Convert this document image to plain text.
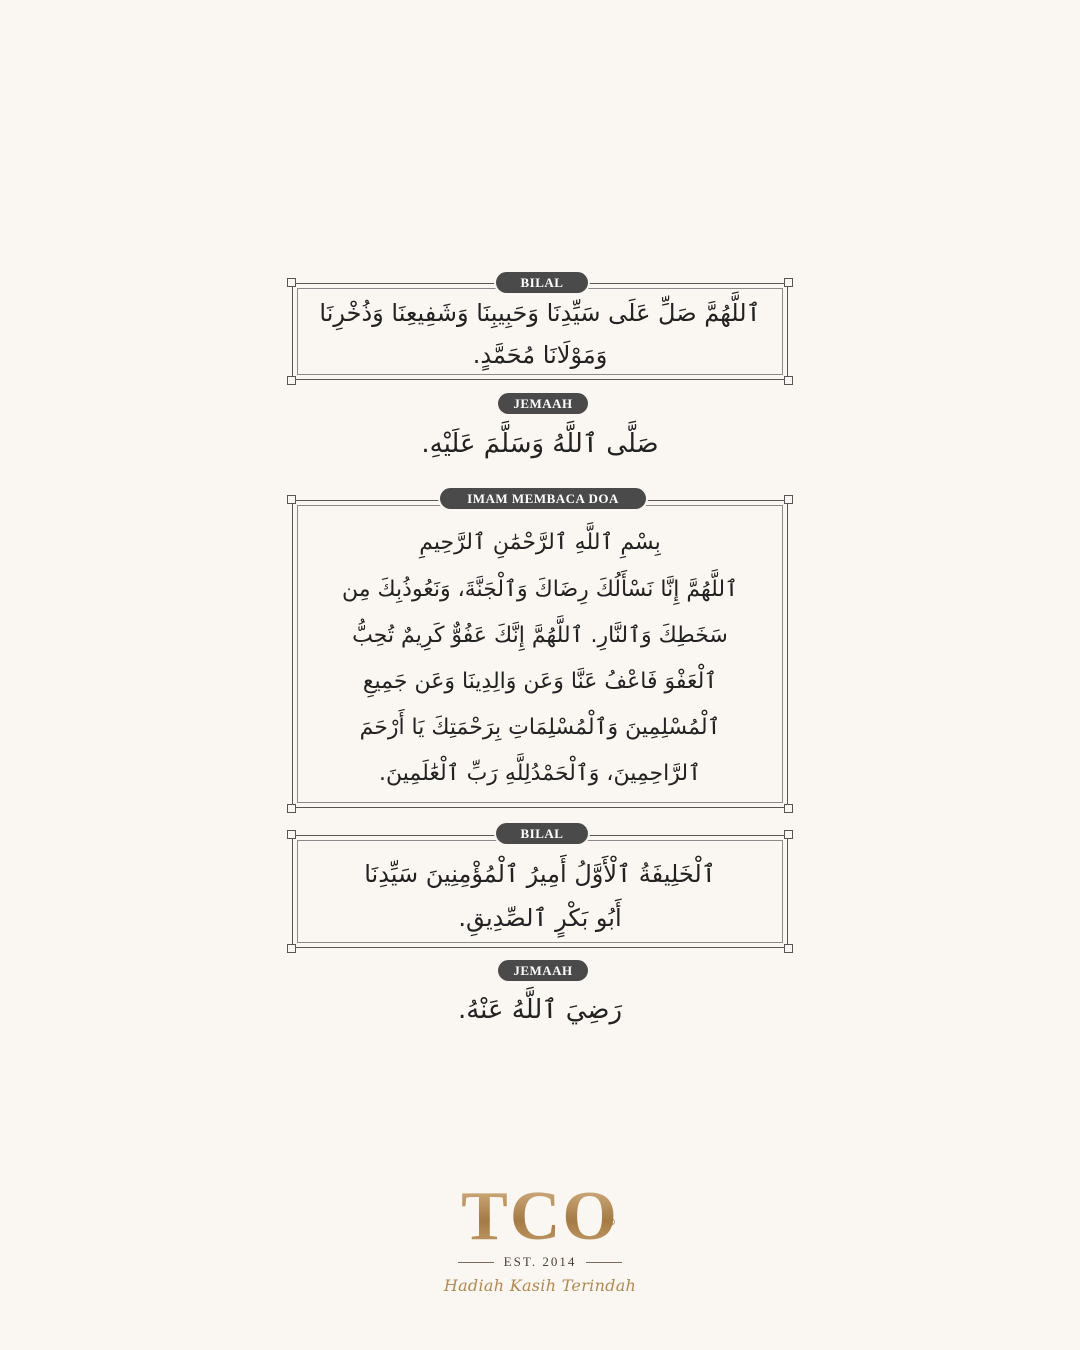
ٱللَّهُمَّ صَلِّ عَلَى سَيِّدِنَا وَحَبِيبِنَا وَشَفِيعِنَا وَذُخْرِنَا
وَمَوْلَانَا مُحَمَّدٍ.
BILAL
JEMAAH
صَلَّى ٱللَّهُ وَسَلَّمَ عَلَيْهِ.
بِسْمِ ٱللَّهِ ٱلرَّحْمَٰنِ ٱلرَّحِيمِ
ٱللَّهُمَّ إِنَّا نَسْأَلُكَ رِضَاكَ وَٱلْجَنَّةَ، وَنَعُوذُبِكَ مِن
سَخَطِكَ وَٱلنَّارِ. ٱللَّهُمَّ إِنَّكَ عَفُوٌّ كَرِيمٌ تُحِبُّ
ٱلْعَفْوَ فَاعْفُ عَنَّا وَعَن وَالِدِينَا وَعَن جَمِيعِ
ٱلْمُسْلِمِينَ وَٱلْمُسْلِمَاتِ بِرَحْمَتِكَ يَا أَرْحَمَ
ٱلرَّاحِمِينَ، وَٱلْحَمْدُلِلَّهِ رَبِّ ٱلْعَٰلَمِينَ.
IMAM MEMBACA DOA
ٱلْخَلِيفَةُ ٱلْأَوَّلُ أَمِيرُ ٱلْمُؤْمِنِينَ سَيِّدِنَا
أَبُو بَكْرٍ ٱلصِّدِيقِ.
BILAL
JEMAAH
رَضِيَ ٱللَّهُ عَنْهُ.
TCO
®
EST. 2014
Hadiah Kasih Terindah
